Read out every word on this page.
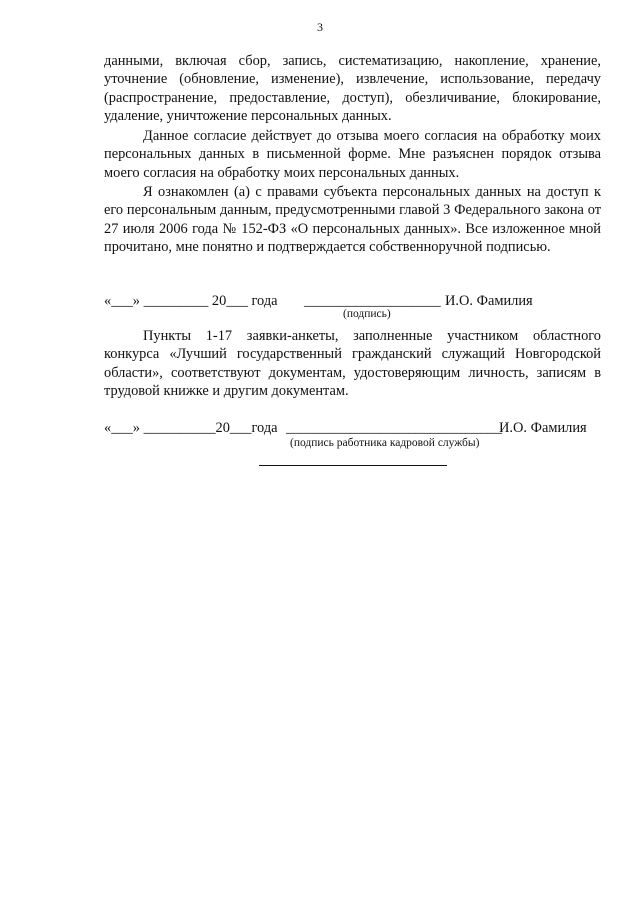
3

данными, включая сбор, запись, систематизацию, накопление, хранение, уточнение (обновление, изменение), извлечение, использование, передачу (распространение, предоставление, доступ), обезличивание, блокирование, удаление, уничтожение персональных данных.

Данное согласие действует до отзыва моего согласия на обработку моих персональных данных в письменной форме. Мне разъяснен порядок отзыва моего согласия на обработку моих персональных данных.

Я ознакомлен (а) с правами субъекта персональных данных на доступ к его персональным данным, предусмотренными главой 3 Федерального закона от 27 июля 2006 года № 152-ФЗ «О персональных данных». Все изложенное мной прочитано, мне понятно и подтверждается собственноручной подписью.

«___» _________ 20___ года ___________________ И.О. Фамилия
(подпись)

Пункты 1-17 заявки-анкеты, заполненные участником областного конкурса «Лучший государственный гражданский служащий Новгородской области», соответствуют документам, удостоверяющим личность, записям в трудовой книжке и другим документам.

«___» __________20___года ______________________________
И.О. Фамилия
(подпись работника кадровой службы)
